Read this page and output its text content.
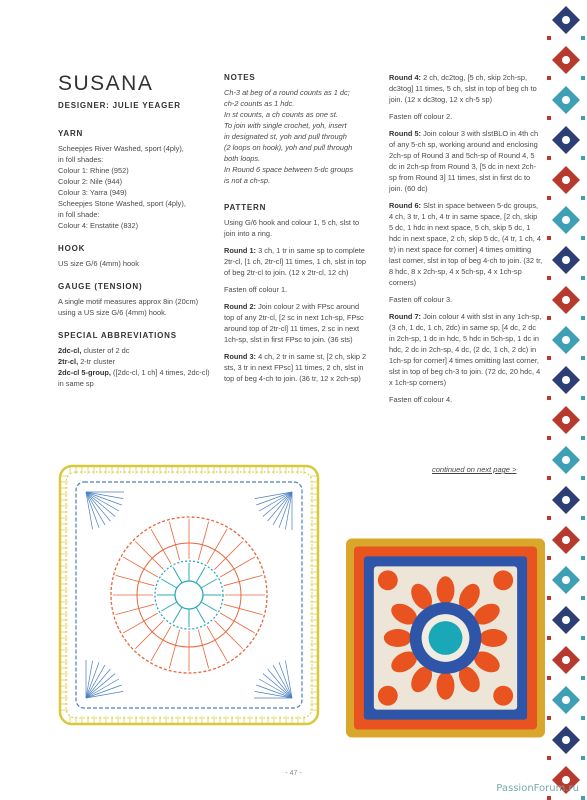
SUSANA
DESIGNER: JULIE YEAGER
YARN
Scheepjes River Washed, sport (4ply),
in foll shades:
Colour 1: Rhine (952)
Colour 2: Nile (944)
Colour 3: Yarra (949)
Scheepjes Stone Washed, sport (4ply),
in foll shade:
Colour 4: Enstatite (832)
HOOK
US size G/6 (4mm) hook
GAUGE (TENSION)
A single motif measures approx 8in (20cm) using a US size G/6 (4mm) hook.
SPECIAL ABBREVIATIONS
2dc-cl, cluster of 2 dc
2tr-cl, 2-tr cluster
2dc-cl 5-group, ([2dc-cl, 1 ch] 4 times, 2dc-cl) in same sp
NOTES
Ch-3 at beg of a round counts as 1 dc;
ch-2 counts as 1 hdc.
In st counts, a ch counts as one st.
To join with single crochet, yoh, insert
in designated st, yoh and pull through
(2 loops on hook), yoh and pull through
both loops.
In Round 6 space between 5-dc groups
is not a ch-sp.
PATTERN
Using G/6 hook and colour 1, 5 ch, slst to join into a ring.
Round 1: 3 ch, 1 tr in same sp to complete 2tr-cl, [1 ch, 2tr-cl] 11 times, 1 ch, slst in top of beg 2tr-cl to join. (12 x 2tr-cl, 12 ch)
Fasten off colour 1.
Round 2: Join colour 2 with FPsc around top of any 2tr-cl, [2 sc in next 1ch-sp, FPsc around top of 2tr-cl] 11 times, 2 sc in next 1ch-sp, slst in first FPsc to join. (36 sts)
Round 3: 4 ch, 2 tr in same st, [2 ch, skip 2 sts, 3 tr in next FPsc] 11 times, 2 ch, slst in top of beg 4-ch to join. (36 tr, 12 x 2ch-sp)
Round 4: 2 ch, dc2tog, [5 ch, skip 2ch-sp, dc3tog] 11 times, 5 ch, slst in top of beg ch to join. (12 x dc3tog, 12 x ch-5 sp)
Fasten off colour 2.
Round 5: Join colour 3 with slstBLO in 4th ch of any 5-ch sp, working around and enclosing 2ch-sp of Round 3 and 5ch-sp of Round 4, 5 dc in 2ch-sp from Round 3, [5 dc in next 2ch-sp from Round 3] 11 times, slst in first dc to join. (60 dc)
Round 6: Slst in space between 5-dc groups, 4 ch, 3 tr, 1 ch, 4 tr in same space, [2 ch, skip 5 dc, 1 hdc in next space, 5 ch, skip 5 dc, 1 hdc in next space, 2 ch, skip 5 dc, (4 tr, 1 ch, 4 tr) in next space for corner] 4 times omitting last corner, slst in top of beg 4-ch to join. (32 tr, 8 hdc, 8 x 2ch-sp, 4 x 5ch-sp, 4 x 1ch-sp corners)
Fasten off colour 3.
Round 7: Join colour 4 with slst in any 1ch-sp, (3 ch, 1 dc, 1 ch, 2dc) in same sp, [4 dc, 2 dc in 2ch-sp, 1 dc in hdc, 5 hdc in 5ch-sp, 1 dc in hdc, 2 dc in 2ch-sp, 4 dc, (2 dc, 1 ch, 2 dc) in 1ch-sp for corner] 4 times omitting last corner, slst in top of beg ch-3 to join. (72 dc, 20 hdc, 4 x 1ch-sp corners)
Fasten off colour 4.
continued on next page >
- 47 -
PassionForum.ru
